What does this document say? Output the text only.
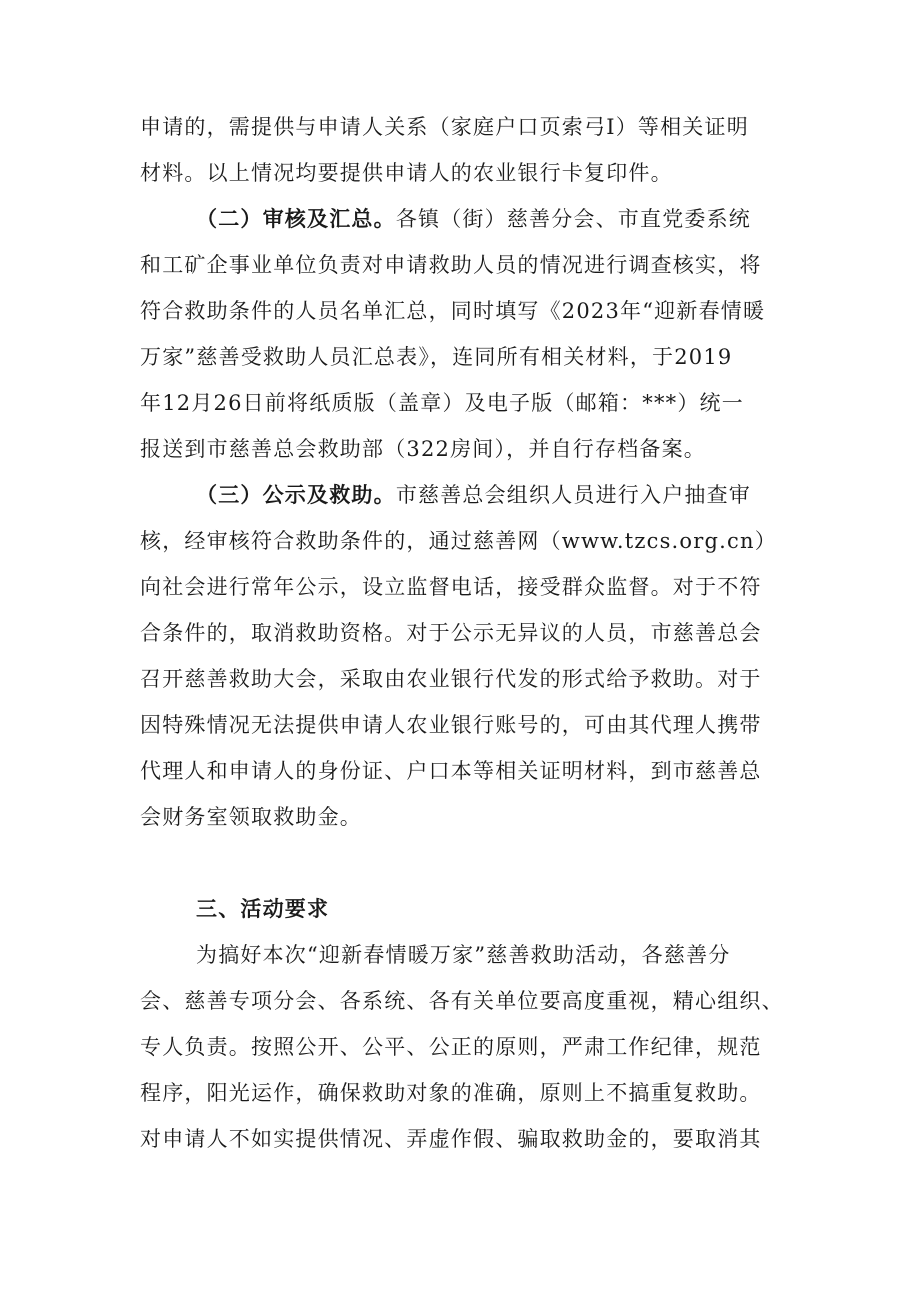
申请的，需提供与申请人关系（家庭户口页索弓Ⅰ）等相关证明
材料。以上情况均要提供申请人的农业银行卡复印件。
（二）审核及汇总。各镇（街）慈善分会、市直党委系统
和工矿企事业单位负责对申请救助人员的情况进行调查核实，将
符合救助条件的人员名单汇总，同时填写《2023年“迎新春情暖
万家”慈善受救助人员汇总表》，连同所有相关材料，于2019
年12月26日前将纸质版（盖章）及电子版（邮箱：***）统一
报送到市慈善总会救助部（322房间），并自行存档备案。
（三）公示及救助。市慈善总会组织人员进行入户抽查审
核，经审核符合救助条件的，通过慈善网（www.tzcs.org.cn）
向社会进行常年公示，设立监督电话，接受群众监督。对于不符
合条件的，取消救助资格。对于公示无异议的人员，市慈善总会
召开慈善救助大会，采取由农业银行代发的形式给予救助。对于
因特殊情况无法提供申请人农业银行账号的，可由其代理人携带
代理人和申请人的身份证、户口本等相关证明材料，到市慈善总
会财务室领取救助金。
三、活动要求
为搞好本次“迎新春情暖万家”慈善救助活动，各慈善分
会、慈善专项分会、各系统、各有关单位要高度重视，精心组织、
专人负责。按照公开、公平、公正的原则，严肃工作纪律，规范
程序，阳光运作，确保救助对象的准确，原则上不搞重复救助。
对申请人不如实提供情况、弄虚作假、骗取救助金的，要取消其
